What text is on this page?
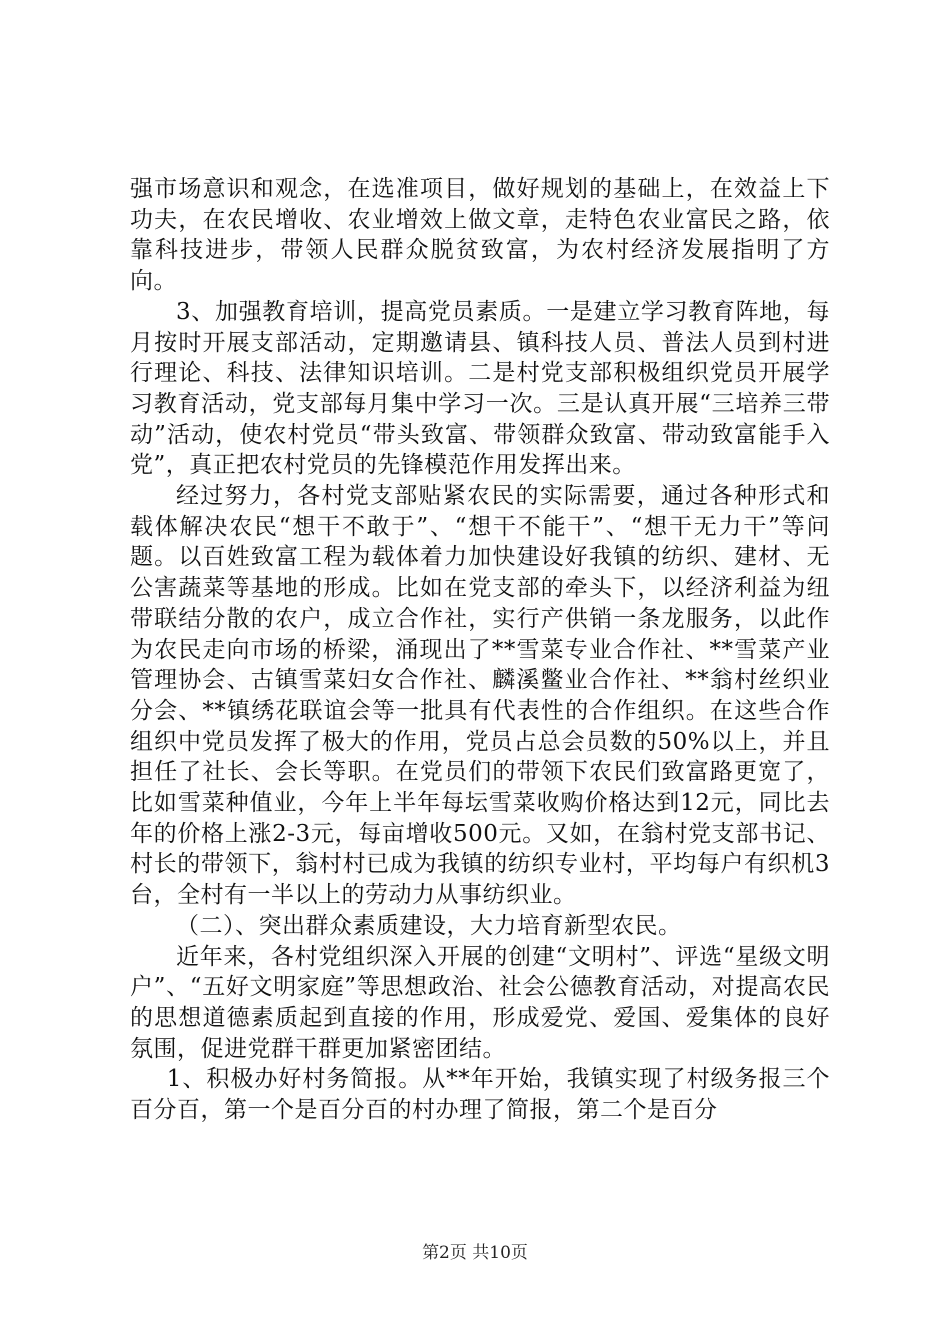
强市场意识和观念，在选准项目，做好规划的基础上，在效益上下功夫，在农民增收、农业增效上做文章，走特色农业富民之路，依靠科技进步，带领人民群众脱贫致富，为农村经济发展指明了方向。

3、加强教育培训，提高党员素质。一是建立学习教育阵地，每月按时开展支部活动，定期邀请县、镇科技人员、普法人员到村进行理论、科技、法律知识培训。二是村党支部积极组织党员开展学习教育活动，党支部每月集中学习一次。三是认真开展“三培养三带动”活动，使农村党员“带头致富、带领群众致富、带动致富能手入党”，真正把农村党员的先锋模范作用发挥出来。

经过努力，各村党支部贴紧农民的实际需要，通过各种形式和载体解决农民“想干不敢于”、“想干不能干”、“想干无力干”等问题。以百姓致富工程为载体着力加快建设好我镇的纺织、建材、无公害蔬菜等基地的形成。比如在党支部的牵头下，以经济利益为纽带联结分散的农户，成立合作社，实行产供销一条龙服务，以此作为农民走向市场的桥梁，涌现出了**雪菜专业合作社、**雪菜产业管理协会、古镇雪菜妇女合作社、麟溪鳖业合作社、**翁村丝织业分会、**镇绣花联谊会等一批具有代表性的合作组织。在这些合作组织中党员发挥了极大的作用，党员占总会员数的50%以上，并且担任了社长、会长等职。在党员们的带领下农民们致富路更宽了，比如雪菜种值业，今年上半年每坛雪菜收购价格达到12元，同比去年的价格上涨2-3元，每亩增收500元。又如，在翁村党支部书记、村长的带领下，翁村村已成为我镇的纺织专业村，平均每户有织机3台，全村有一半以上的劳动力从事纺织业。

（二）、突出群众素质建设，大力培育新型农民。

近年来，各村党组织深入开展的创建“文明村”、评选“星级文明户”、“五好文明家庭”等思想政治、社会公德教育活动，对提高农民的思想道德素质起到直接的作用，形成爱党、爱国、爱集体的良好氛围，促进党群干群更加紧密团结。

1、积极办好村务简报。从**年开始，我镇实现了村级务报三个百分百，第一个是百分百的村办理了简报，第二个是百分

第2页 共10页
